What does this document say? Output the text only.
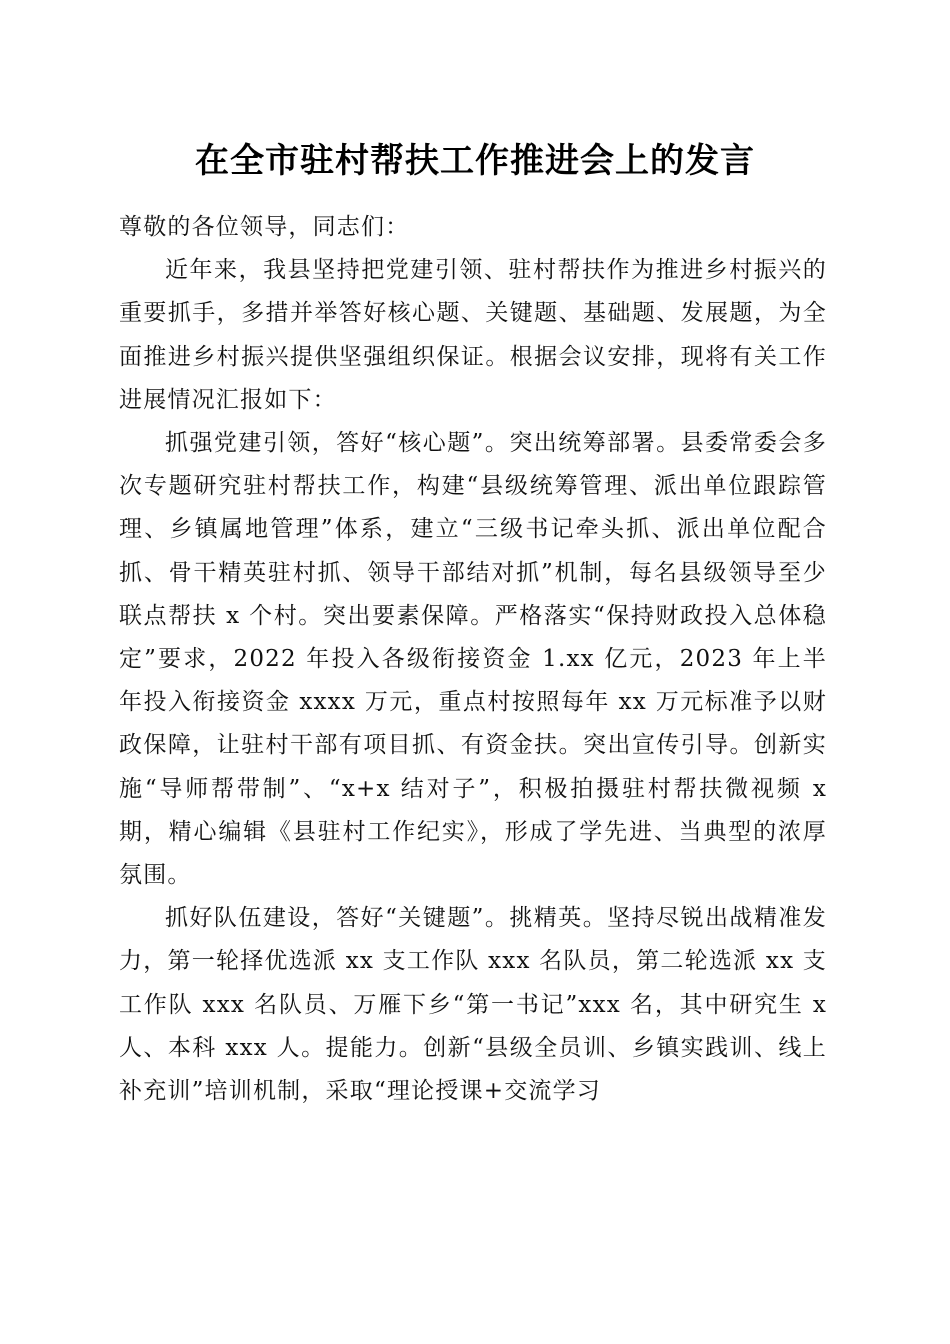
在全市驻村帮扶工作推进会上的发言

尊敬的各位领导，同志们：

近年来，我县坚持把党建引领、驻村帮扶作为推进乡村振兴的重要抓手，多措并举答好核心题、关键题、基础题、发展题，为全面推进乡村振兴提供坚强组织保证。根据会议安排，现将有关工作进展情况汇报如下：

抓强党建引领，答好“核心题”。突出统筹部署。县委常委会多次专题研究驻村帮扶工作，构建“县级统筹管理、派出单位跟踪管理、乡镇属地管理”体系，建立“三级书记牵头抓、派出单位配合抓、骨干精英驻村抓、领导干部结对抓”机制，每名县级领导至少联点帮扶 x 个村。突出要素保障。严格落实“保持财政投入总体稳定”要求，2022 年投入各级衔接资金 1.xx 亿元，2023 年上半年投入衔接资金 xxxx 万元，重点村按照每年 xx 万元标准予以财政保障，让驻村干部有项目抓、有资金扶。突出宣传引导。创新实施“导师帮带制”、“x+x 结对子”，积极拍摄驻村帮扶微视频 x 期，精心编辑《县驻村工作纪实》，形成了学先进、当典型的浓厚氛围。

抓好队伍建设，答好“关键题”。挑精英。坚持尽锐出战精准发力，第一轮择优选派 xx 支工作队 xxx 名队员，第二轮选派 xx 支工作队 xxx 名队员、万雁下乡“第一书记”xxx 名，其中研究生 x 人、本科 xxx 人。提能力。创新“县级全员训、乡镇实践训、线上补充训”培训机制，采取“理论授课+交流学习
